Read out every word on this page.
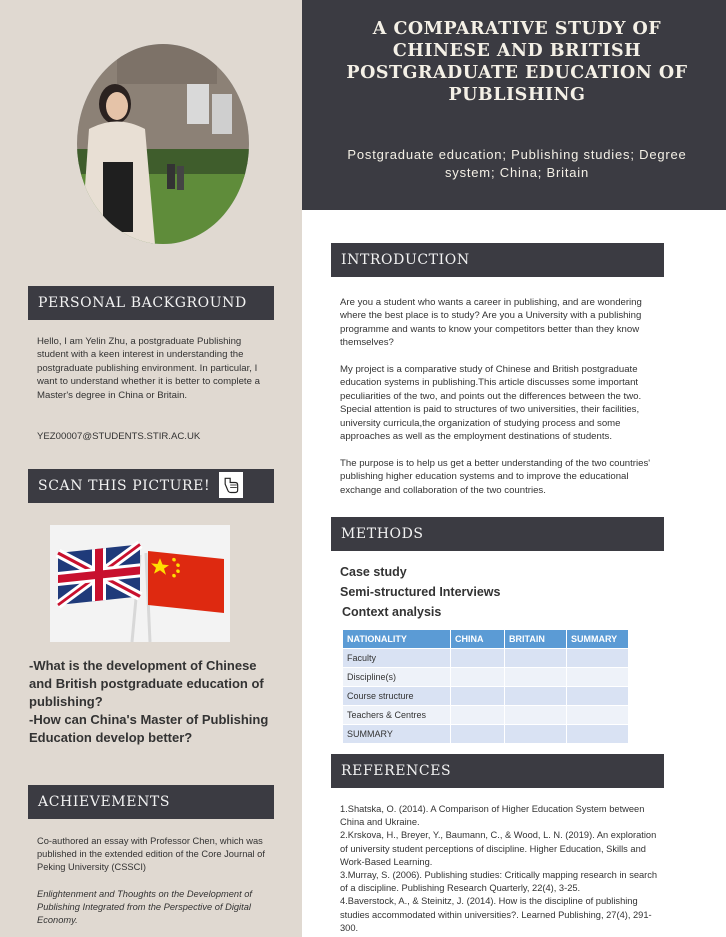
PERSONAL BACKGROUND
Hello, I am Yelin Zhu, a postgraduate Publishing student with a keen interest in understanding the postgraduate publishing environment. In particular, I want to understand whether it is better to complete a Master's degree in China or Britain.
YEZ00007@STUDENTS.STIR.AC.UK
SCAN THIS PICTURE!
-What is the development of Chinese and British postgraduate education of publishing?
-How can China's Master of Publishing Education develop better?
ACHIEVEMENTS
Co-authored an essay with Professor Chen, which was published in the extended edition of the Core Journal of Peking University (CSSCI)
Enlightenment and Thoughts on the Development of Publishing Integrated from the Perspective of Digital Economy.
A COMPARATIVE STUDY OF CHINESE AND BRITISH POSTGRADUATE EDUCATION OF PUBLISHING
Postgraduate education; Publishing studies; Degree system; China; Britain
INTRODUCTION

Are you a student who wants a career in publishing, and are wondering where the best place is to study? Are you a University with a publishing programme and wants to know your competitors better than they know themselves?

My project is a comparative study of Chinese and British postgraduate education systems in publishing.This article discusses some important peculiarities of the two, and points out the differences between the two. Special attention is paid to structures of two universities, their facilities, university curricula,the organization of studying process and some approaches as well as the employment destinations of students.

The purpose is to help us get a better understanding of the two countries' publishing higher education systems and to improve the educational exchange and collaboration of the two countries.

METHODS
Case study
Semi-structured Interviews
Context analysis
NATIONALITY	CHINA	BRITAIN	SUMMARY
Faculty			
Discipline(s)			
Course structure			
Teachers & Centres			
SUMMARY			
REFERENCES
1.Shatska, O. (2014). A Comparison of Higher Education System between China and Ukraine.
2.Krskova, H., Breyer, Y., Baumann, C., & Wood, L. N. (2019). An exploration of university student perceptions of discipline. Higher Education, Skills and Work-Based Learning.
3.Murray, S. (2006). Publishing studies: Critically mapping research in search of a discipline. Publishing Research Quarterly, 22(4), 3-25.
4.Baverstock, A., & Steinitz, J. (2014). How is the discipline of publishing studies accommodated within universities?. Learned Publishing, 27(4), 291-300.
